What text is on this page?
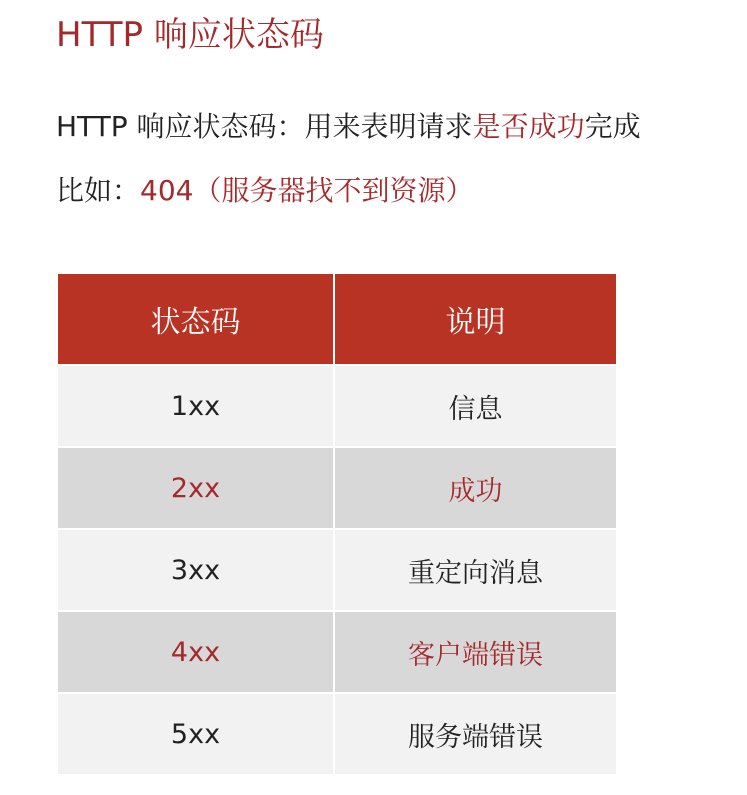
HTTP 响应状态码
HTTP 响应状态码：用来表明请求是否成功完成
比如：404（服务器找不到资源）
状态码	说明
1xx	信息
2xx	成功
3xx	重定向消息
4xx	客户端错误
5xx	服务端错误
